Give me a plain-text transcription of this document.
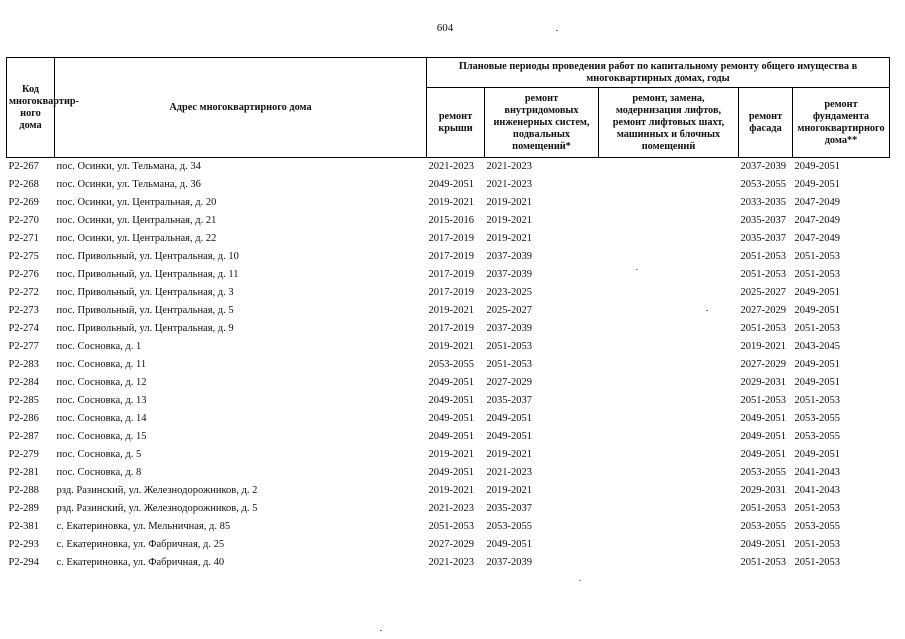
604
Код многоквартир-ного дома	Адрес многоквартирного дома	Плановые периоды проведения работ по капитальному ремонту общего имущества в многоквартирных домах, годы				
		ремонт крыши	ремонт внутридомовых инженерных систем, подвальных помещений*	ремонт, замена, модернизация лифтов, ремонт лифтовых шахт, машинных и блочных помещений	ремонт фасада	ремонт фундамента многоквартирного дома**
Р2-267	пос. Осинки, ул. Тельмана, д. 34	2021-2023	2021-2023		2037-2039	2049-2051
Р2-268	пос. Осинки, ул. Тельмана, д. 36	2049-2051	2021-2023		2053-2055	2049-2051
Р2-269	пос. Осинки, ул. Центральная, д. 20	2019-2021	2019-2021		2033-2035	2047-2049
Р2-270	пос. Осинки, ул. Центральная, д. 21	2015-2016	2019-2021		2035-2037	2047-2049
Р2-271	пос. Осинки, ул. Центральная, д. 22	2017-2019	2019-2021		2035-2037	2047-2049
Р2-275	пос. Привольный, ул. Центральная, д. 10	2017-2019	2037-2039		2051-2053	2051-2053
Р2-276	пос. Привольный, ул. Центральная, д. 11	2017-2019	2037-2039		2051-2053	2051-2053
Р2-272	пос. Привольный, ул. Центральная, д. 3	2017-2019	2023-2025		2025-2027	2049-2051
Р2-273	пос. Привольный, ул. Центральная, д. 5	2019-2021	2025-2027		2027-2029	2049-2051
Р2-274	пос. Привольный, ул. Центральная, д. 9	2017-2019	2037-2039		2051-2053	2051-2053
Р2-277	пос. Сосновка, д. 1	2019-2021	2051-2053		2019-2021	2043-2045
Р2-283	пос. Сосновка, д. 11	2053-2055	2051-2053		2027-2029	2049-2051
Р2-284	пос. Сосновка, д. 12	2049-2051	2027-2029		2029-2031	2049-2051
Р2-285	пос. Сосновка, д. 13	2049-2051	2035-2037		2051-2053	2051-2053
Р2-286	пос. Сосновка, д. 14	2049-2051	2049-2051		2049-2051	2053-2055
Р2-287	пос. Сосновка, д. 15	2049-2051	2049-2051		2049-2051	2053-2055
Р2-279	пос. Сосновка, д. 5	2019-2021	2019-2021		2049-2051	2049-2051
Р2-281	пос. Сосновка, д. 8	2049-2051	2021-2023		2053-2055	2041-2043
Р2-288	рзд. Разинский, ул. Железнодорожников, д. 2	2019-2021	2019-2021		2029-2031	2041-2043
Р2-289	рзд. Разинский, ул. Железнодорожников, д. 5	2021-2023	2035-2037		2051-2053	2051-2053
Р2-381	с. Екатериновка, ул. Мельничная, д. 85	2051-2053	2053-2055		2053-2055	2053-2055
Р2-293	с. Екатериновка, ул. Фабричная, д. 25	2027-2029	2049-2051		2049-2051	2051-2053
Р2-294	с. Екатериновка, ул. Фабричная, д. 40	2021-2023	2037-2039		2051-2053	2051-2053
